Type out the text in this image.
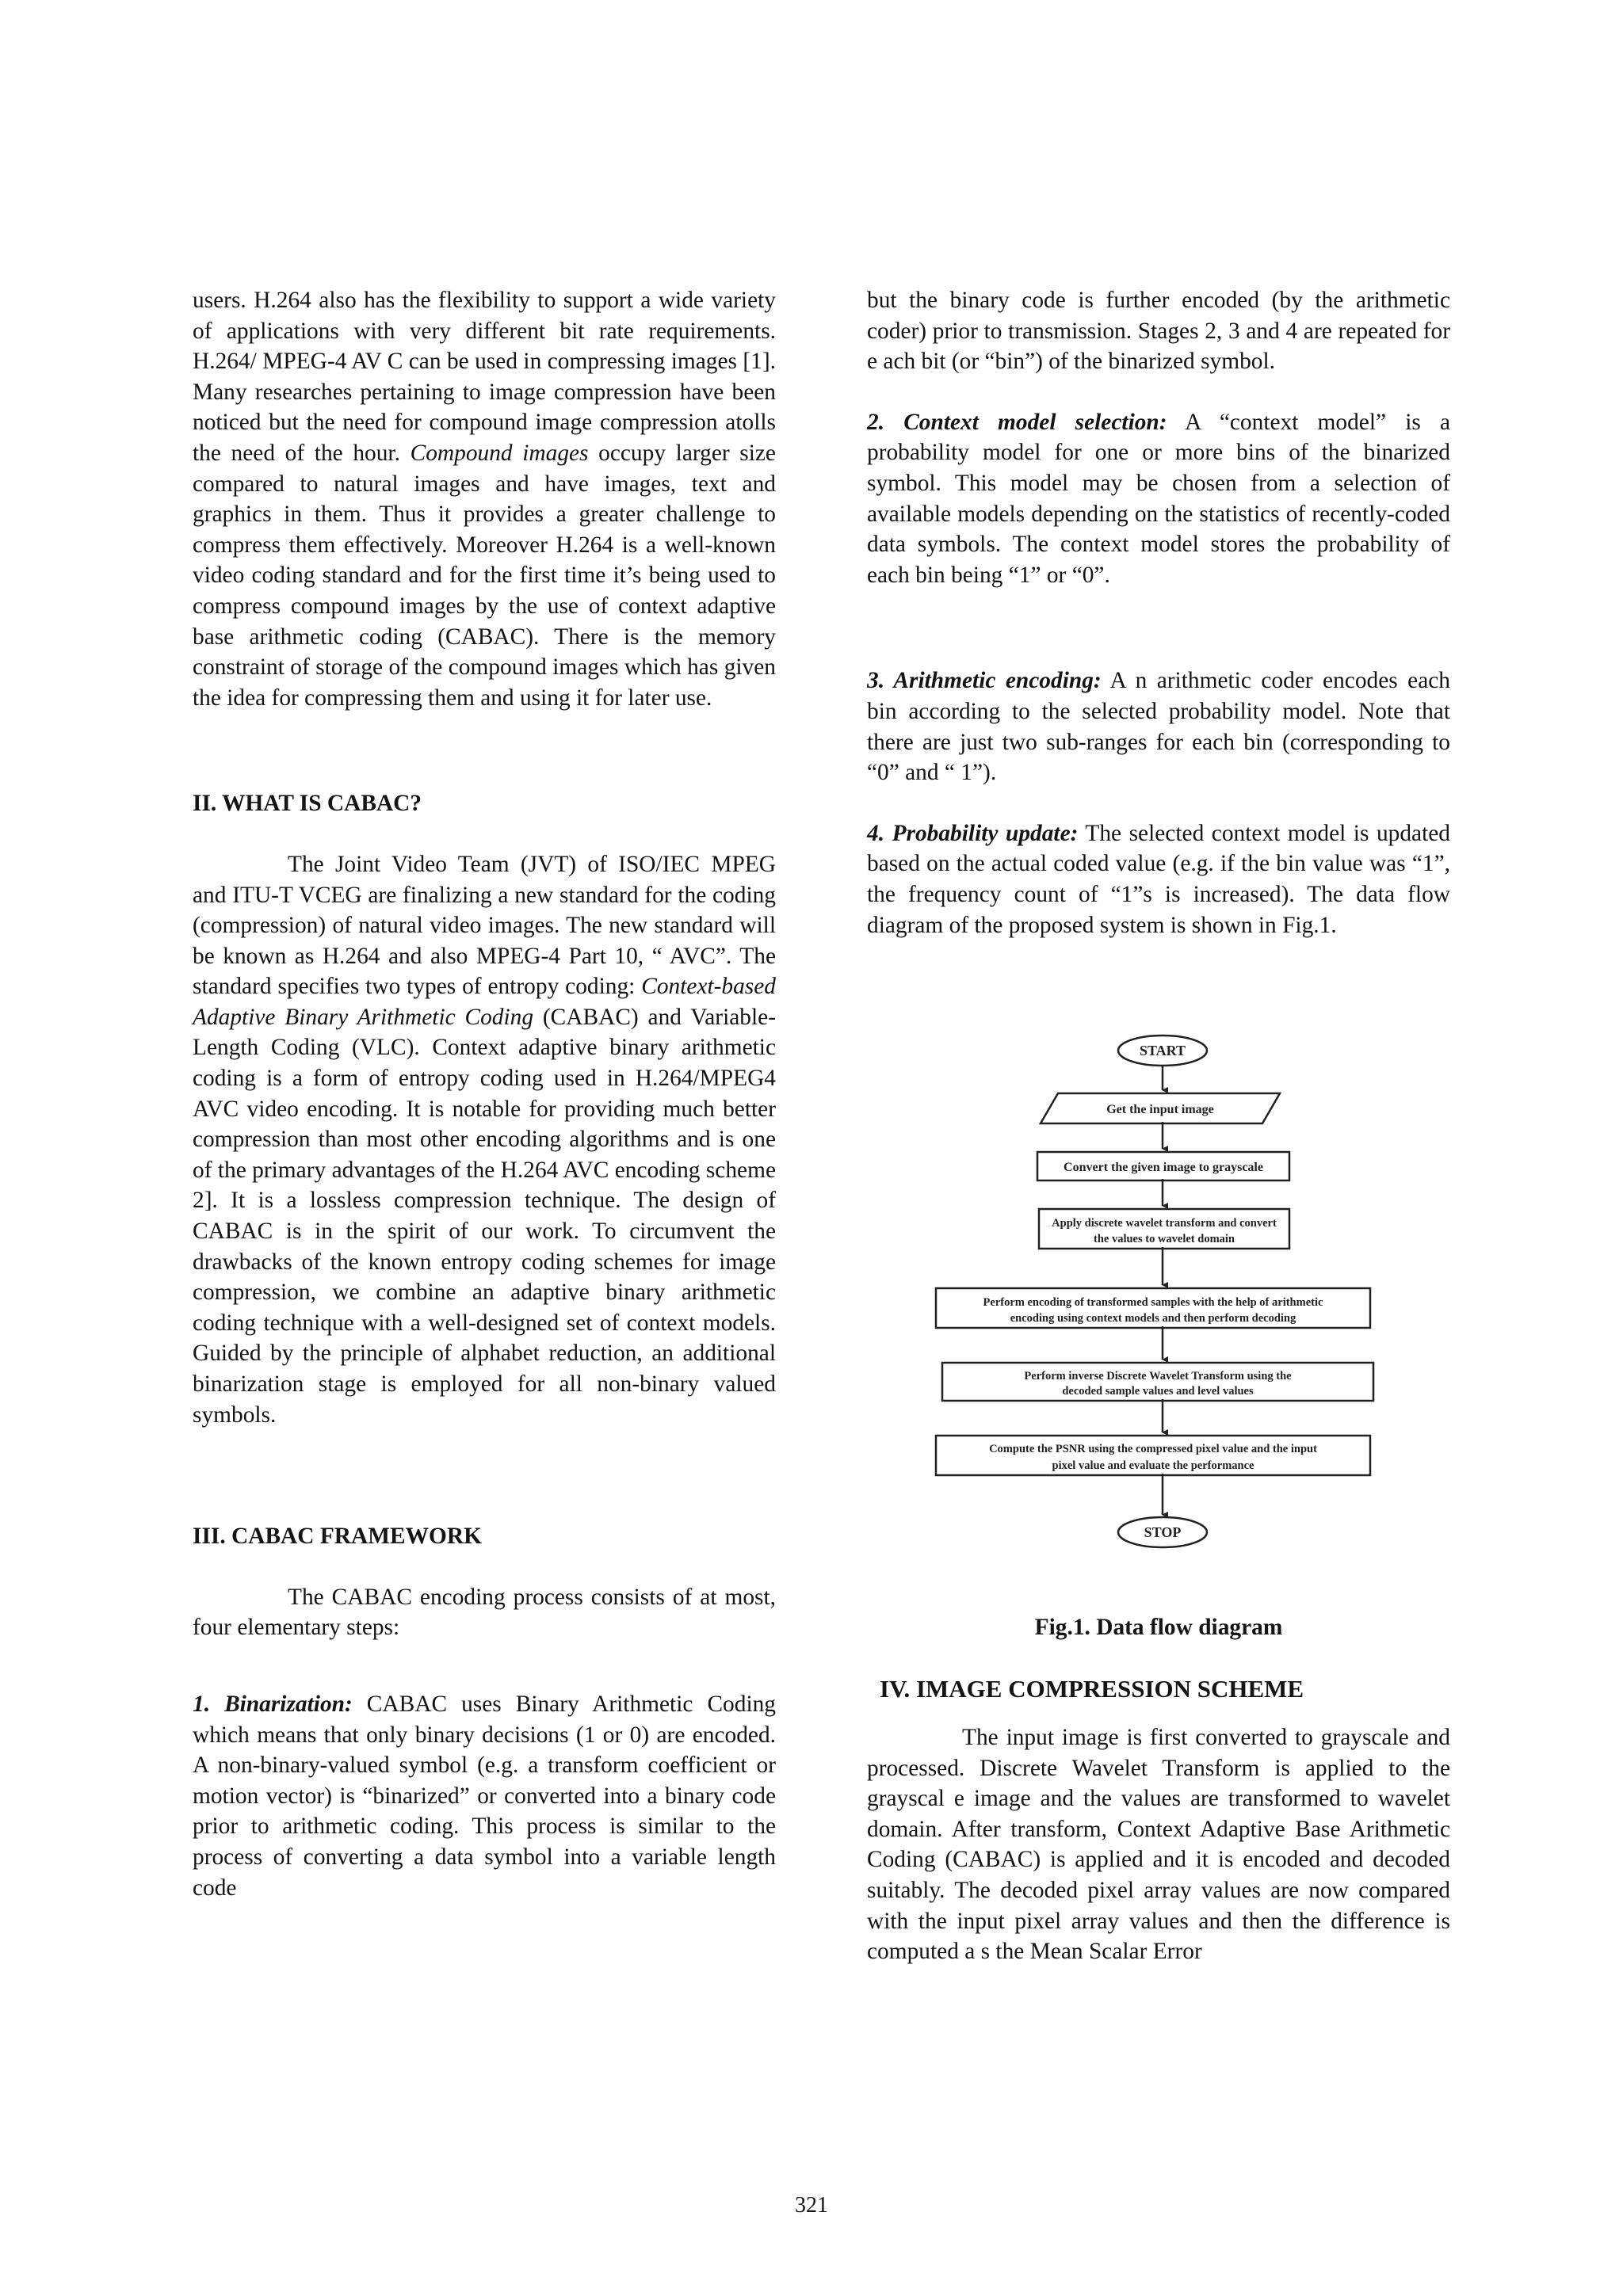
users. H.264 also has the flexibility to support a wide variety of applications with very different bit rate requirements. H.264/ MPEG-4 AV C can be used in compressing images [1]. Many researches pertaining to image compression have been noticed but the need for compound image compression atolls the need of the hour. Compound images occupy larger size compared to natural images and have images, text and graphics in them. Thus it provides a greater challenge to compress them effectively. Moreover H.264 is a well-known video coding standard and for the first time it’s being used to compress compound images by the use of context adaptive base arithmetic coding (CABAC). There is the memory constraint of storage of the compound images which has given the idea for compressing them and using it for later use.

II. WHAT IS CABAC?

The Joint Video Team (JVT) of ISO/IEC MPEG and ITU-T VCEG are finalizing a new standard for the coding (compression) of natural video images. The new standard will be known as H.264 and also MPEG-4 Part 10, “ AVC”. The standard specifies two types of entropy coding: Context-based Adaptive Binary Arithmetic Coding (CABAC) and Variable-Length Coding (VLC). Context adaptive binary arithmetic coding is a form of entropy coding used in H.264/MPEG4 AVC video encoding. It is notable for providing much better compression than most other encoding algorithms and is one of the primary advantages of the H.264 AVC encoding scheme 2]. It is a lossless compression technique. The design of CABAC is in the spirit of our work. To circumvent the drawbacks of the known entropy coding schemes for image compression, we combine an adaptive binary arithmetic coding technique with a well-designed set of context models. Guided by the principle of alphabet reduction, an additional binarization stage is employed for all non-binary valued symbols.

III. CABAC FRAMEWORK

The CABAC encoding process consists of at most, four elementary steps:

1. Binarization: CABAC uses Binary Arithmetic Coding which means that only binary decisions (1 or 0) are encoded. A non-binary-valued symbol (e.g. a transform coefficient or motion vector) is “binarized” or converted into a binary code prior to arithmetic coding. This process is similar to the process of converting a data symbol into a variable length code

but the binary code is further encoded (by the arithmetic coder) prior to transmission. Stages 2, 3 and 4 are repeated for e ach bit (or “bin”) of the binarized symbol.

2. Context model selection: A “context model” is a probability model for one or more bins of the binarized symbol. This model may be chosen from a selection of available models depending on the statistics of recently-coded data symbols. The context model stores the probability of each bin being “1” or “0”.

3. Arithmetic encoding: A n arithmetic coder encodes each bin according to the selected probability model. Note that there are just two sub-ranges for each bin (corresponding to “0” and “ 1”).

4. Probability update: The selected context model is updated based on the actual coded value (e.g. if the bin value was “1”, the frequency count of “1”s is increased). The data flow diagram of the proposed system is shown in Fig.1.

START
Get the input image
Convert the given image to grayscale
Apply discrete wavelet transform and convert
the values to wavelet domain
Perform encoding of transformed samples with the help of arithmetic
encoding using context models and then perform decoding
Perform inverse Discrete Wavelet Transform using the
decoded sample values and level values
Compute the PSNR using the compressed pixel value and the input
pixel value and evaluate the performance
STOP
Fig.1. Data flow diagram
IV. IMAGE COMPRESSION SCHEME

The input image is first converted to grayscale and processed. Discrete Wavelet Transform is applied to the grayscal e image and the values are transformed to wavelet domain. After transform, Context Adaptive Base Arithmetic Coding (CABAC) is applied and it is encoded and decoded suitably. The decoded pixel array values are now compared with the input pixel array values and then the difference is computed a s the Mean Scalar Error

321
